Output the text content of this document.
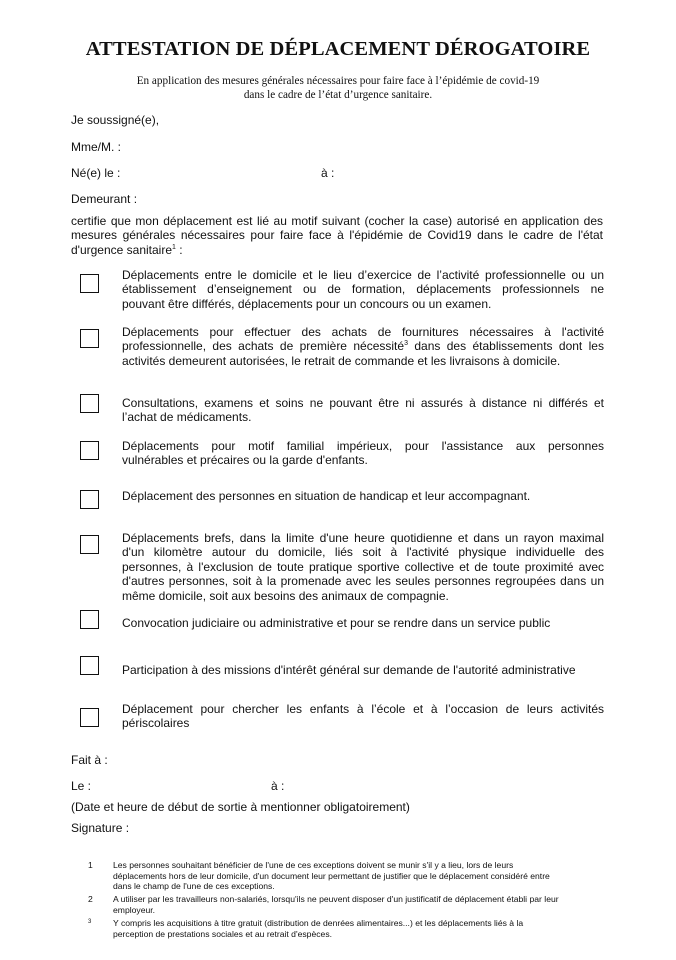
ATTESTATION DE DÉPLACEMENT DÉROGATOIRE
En application des mesures générales nécessaires pour faire face à l’épidémie de covid-19
dans le cadre de l’état d’urgence sanitaire.
Je soussigné(e),
Mme/M. :
Né(e) le :	à :
Demeurant :
certifie que mon déplacement est lié au motif suivant (cocher la case) autorisé en application des
mesures générales nécessaires pour faire face à l'épidémie de Covid19 dans le cadre de l'état
d'urgence sanitaire$^1$ :
Déplacements entre le domicile et le lieu d’exercice de l’activité professionnelle ou un
établissement d’enseignement ou de formation, déplacements professionnels ne
pouvant être différés, déplacements pour un concours ou un examen.
Déplacements pour effectuer des achats de fournitures nécessaires à l'activité
professionnelle, des achats de première nécessité$^3$ dans des établissements dont les
activités demeurent autorisées, le retrait de commande et les livraisons à domicile.
Consultations, examens et soins ne pouvant être ni assurés à distance ni différés et
l’achat de médicaments.
Déplacements pour motif familial impérieux, pour l'assistance aux personnes
vulnérables et précaires ou la garde d'enfants.
Déplacement des personnes en situation de handicap et leur accompagnant.
Déplacements brefs, dans la limite d'une heure quotidienne et dans un rayon maximal
d'un kilomètre autour du domicile, liés soit à l'activité physique individuelle des
personnes, à l'exclusion de toute pratique sportive collective et de toute proximité avec
d'autres personnes, soit à la promenade avec les seules personnes regroupées dans un
même domicile, soit aux besoins des animaux de compagnie.
Convocation judiciaire ou administrative et pour se rendre dans un service public
Participation à des missions d'intérêt général sur demande de l'autorité administrative
Déplacement pour chercher les enfants à l’école et à l’occasion de leurs activités
périscolaires
Fait à :
Le :	à :
(Date et heure de début de sortie à mentionner obligatoirement)
Signature :
1	Les personnes souhaitant bénéficier de l'une de ces exceptions doivent se munir s'il y a lieu, lors de leurs
déplacements hors de leur domicile, d'un document leur permettant de justifier que le déplacement considéré entre
dans le champ de l'une de ces exceptions.
2	A utiliser par les travailleurs non-salariés, lorsqu'ils ne peuvent disposer d'un justificatif de déplacement établi par leur
employeur.
3	Y compris les acquisitions à titre gratuit (distribution de denrées alimentaires...) et les déplacements liés à la
perception de prestations sociales et au retrait d'espèces.
